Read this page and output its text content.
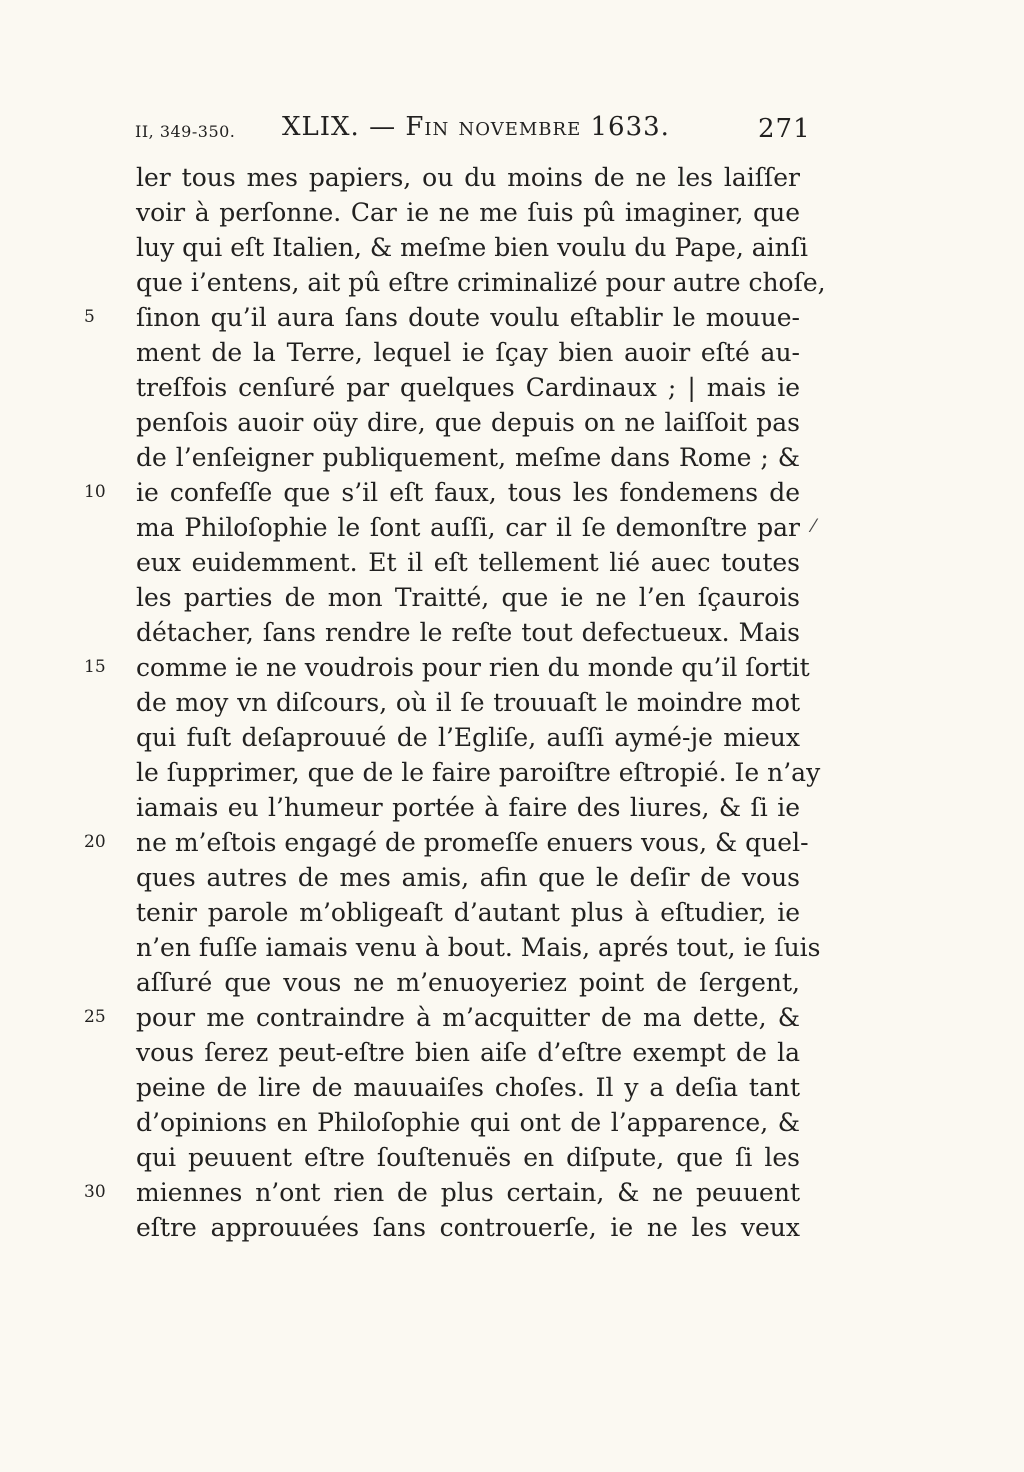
II, 349-350. XLIX. — Fin novembre 1633.	271
ler tous mes papiers, ou du moins de ne les laiſſer
voir à perſonne. Car ie ne me ſuis pû imaginer, que
luy qui eſt Italien, & meſme bien voulu du Pape, ainſi
que i’entens, ait pû eſtre criminalizé pour autre choſe,
ſinon qu’il aura ſans doute voulu eſtablir le mouue-
5
ment de la Terre, lequel ie ſçay bien auoir eſté au-
treſfois cenſuré par quelques Cardinaux ; | mais ie
penſois auoir oüy dire, que depuis on ne laiſſoit pas
de l’enſeigner publiquement, meſme dans Rome ; &
ie confeſſe que s’il eſt faux, tous les fondemens de
10
ma Philoſophie le ſont auſſi, car il ſe demonſtre par
eux euidemment. Et il eſt tellement lié auec toutes
les parties de mon Traitté, que ie ne l’en ſçaurois
détacher, ſans rendre le reſte tout defectueux. Mais
comme ie ne voudrois pour rien du monde qu’il ſortit
15
de moy vn diſcours, où il ſe trouuaſt le moindre mot
qui fuſt deſaprouué de l’Egliſe, auſſi aymé-je mieux
le ſupprimer, que de le faire paroiſtre eſtropié. Ie n’ay
iamais eu l’humeur portée à faire des liures, & ſi ie
ne m’eſtois engagé de promeſſe enuers vous, & quel-
20
ques autres de mes amis, afin que le deſir de vous
tenir parole m’obligeaſt d’autant plus à eſtudier, ie
n’en fuſſe iamais venu à bout. Mais, aprés tout, ie ſuis
aſſuré que vous ne m’enuoyeriez point de ſergent,
pour me contraindre à m’acquitter de ma dette, &
25
vous ſerez peut-eſtre bien aiſe d’eſtre exempt de la
peine de lire de mauuaiſes choſes. Il y a deſia tant
d’opinions en Philoſophie qui ont de l’apparence, &
qui peuuent eſtre ſouſtenuës en diſpute, que ſi les
miennes n’ont rien de plus certain, & ne peuuent
30
eſtre approuuées ſans controuerſe, ie ne les veux
⁄
